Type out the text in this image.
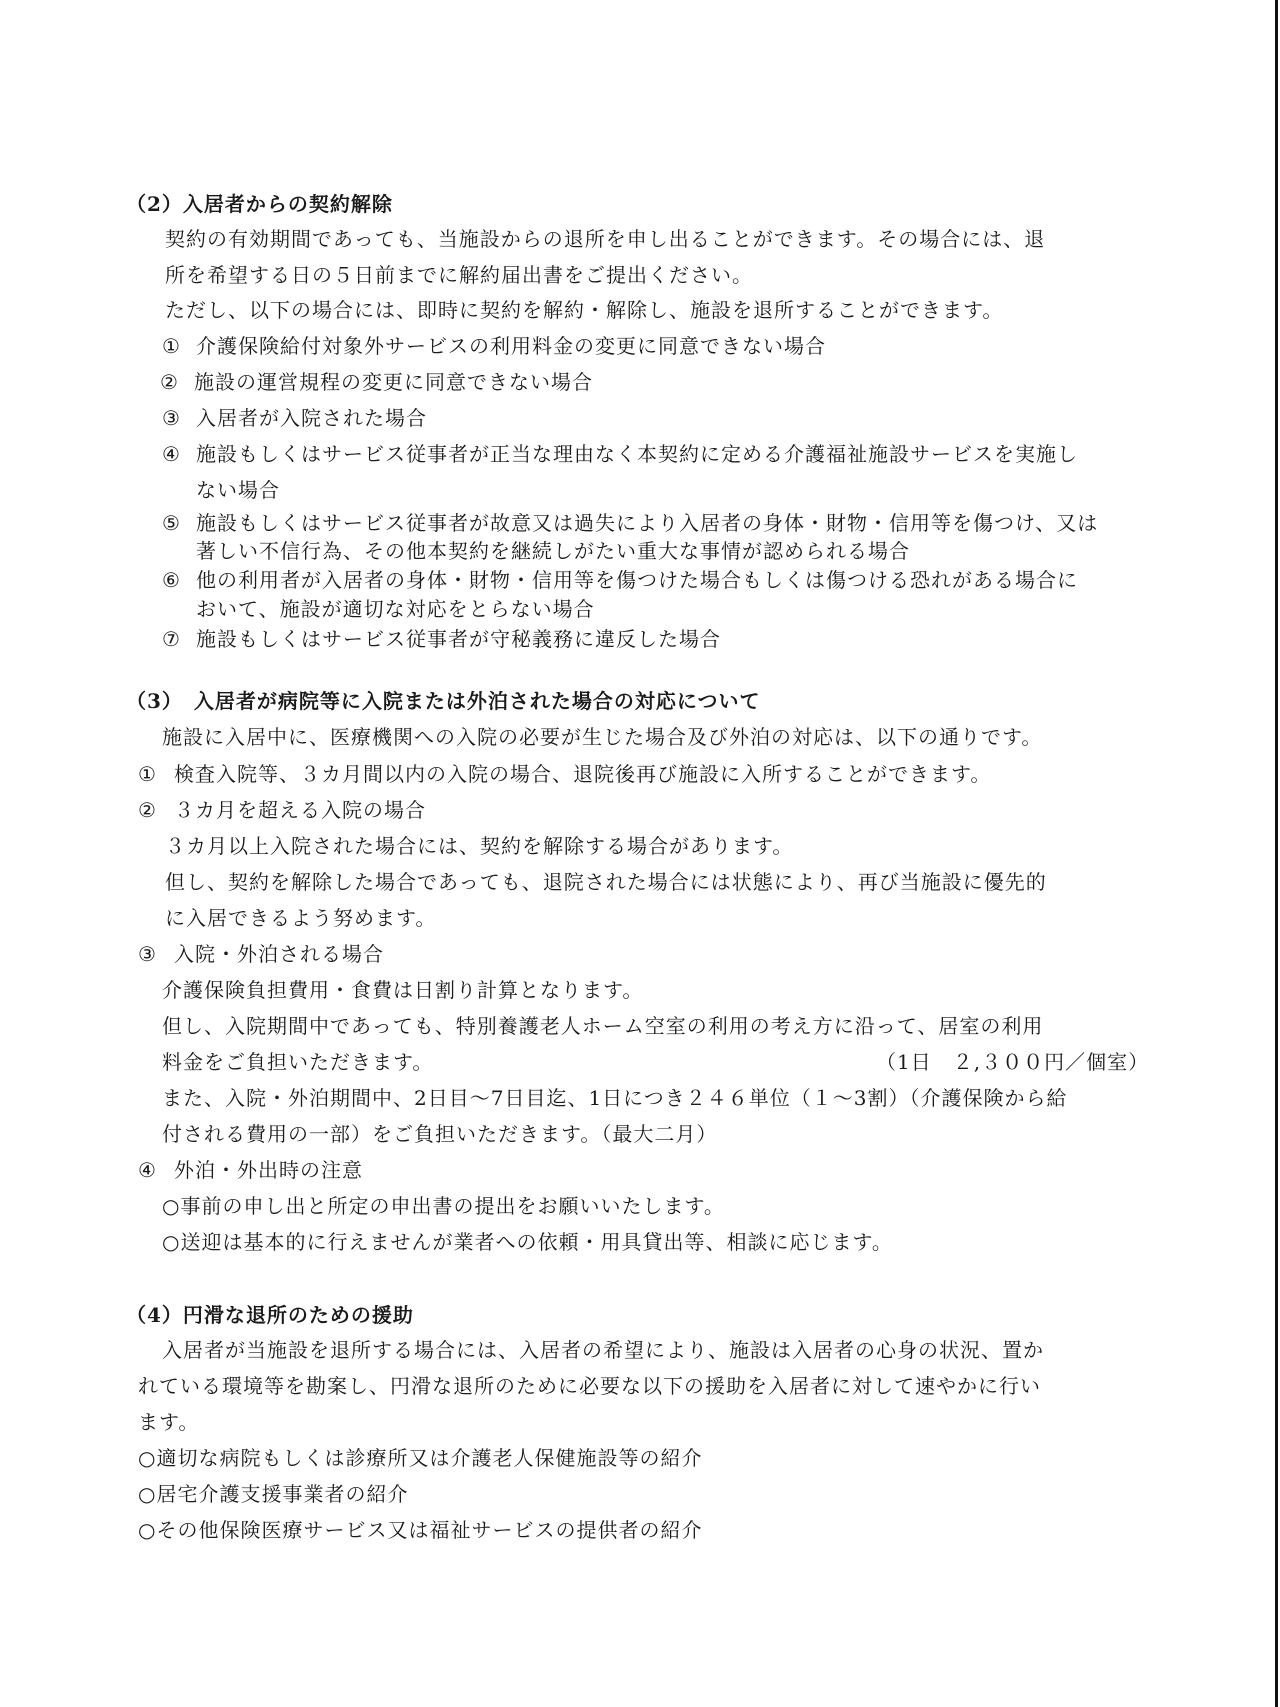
（2）入居者からの契約解除
契約の有効期間であっても、当施設からの退所を申し出ることができます。その場合には、退
所を希望する日の５日前までに解約届出書をご提出ください。
ただし、以下の場合には、即時に契約を解約・解除し、施設を退所することができます。
① 介護保険給付対象外サービスの利用料金の変更に同意できない場合
② 施設の運営規程の変更に同意できない場合
③ 入居者が入院された場合
④ 施設もしくはサービス従事者が正当な理由なく本契約に定める介護福祉施設サービスを実施し
ない場合
⑤ 施設もしくはサービス従事者が故意又は過失により入居者の身体・財物・信用等を傷つけ、又は
著しい不信行為、その他本契約を継続しがたい重大な事情が認められる場合
⑥ 他の利用者が入居者の身体・財物・信用等を傷つけた場合もしくは傷つける恐れがある場合に
おいて、施設が適切な対応をとらない場合
⑦ 施設もしくはサービス従事者が守秘義務に違反した場合
（3）　入居者が病院等に入院または外泊された場合の対応について
施設に入居中に、医療機関への入院の必要が生じた場合及び外泊の対応は、以下の通りです。
① 検査入院等、３カ月間以内の入院の場合、退院後再び施設に入所することができます。
② ３カ月を超える入院の場合
３カ月以上入院された場合には、契約を解除する場合があります。
但し、契約を解除した場合であっても、退院された場合には状態により、再び当施設に優先的
に入居できるよう努めます。
③ 入院・外泊される場合
介護保険負担費用・食費は日割り計算となります。
但し、入院期間中であっても、特別養護老人ホーム空室の利用の考え方に沿って、居室の利用
料金をご負担いただきます。	（1日　２,３００円／個室）
また、入院・外泊期間中、2日目～7日目迄、1日につき２４６単位（１～3割）（介護保険から給
付される費用の一部）をご負担いただきます。（最大二月）
④ 外泊・外出時の注意
○事前の申し出と所定の申出書の提出をお願いいたします。
○送迎は基本的に行えませんが業者への依頼・用具貸出等、相談に応じます。
（4）円滑な退所のための援助
入居者が当施設を退所する場合には、入居者の希望により、施設は入居者の心身の状況、置か
れている環境等を勘案し、円滑な退所のために必要な以下の援助を入居者に対して速やかに行い
ます。
○適切な病院もしくは診療所又は介護老人保健施設等の紹介
○居宅介護支援事業者の紹介
○その他保険医療サービス又は福祉サービスの提供者の紹介
